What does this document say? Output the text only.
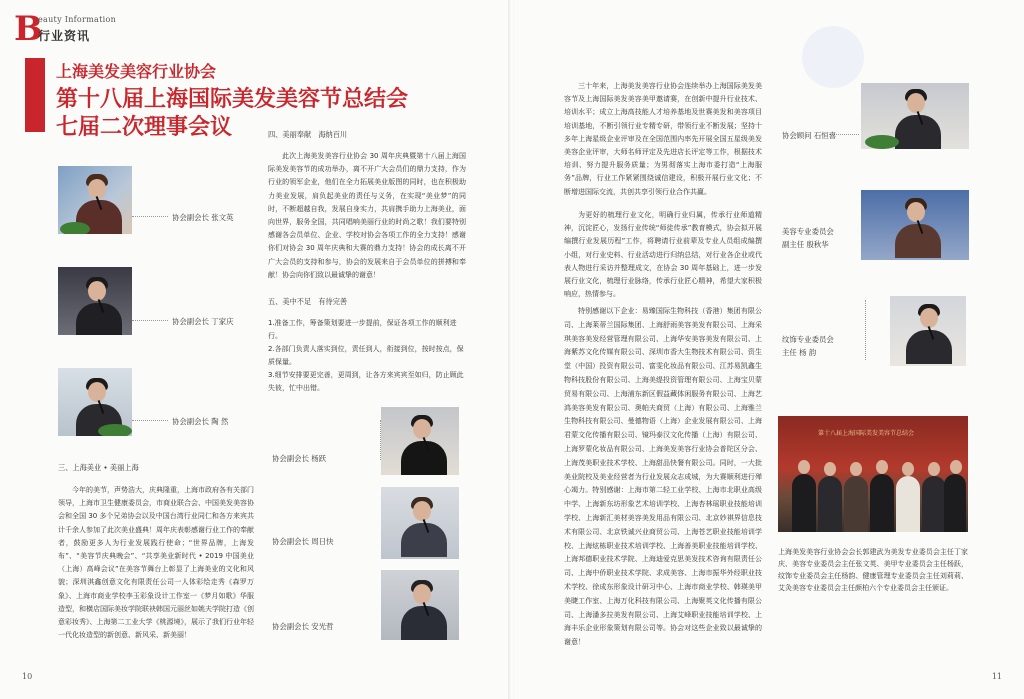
B
eauty Information
行业资讯
上海美发美容行业协会
第十八届上海国际美发美容节总结会
七届二次理事会议	四、美丽奉献　海纳百川

此次上海美发美容行业协会 30 周年庆典暨第十八届上海国际美发美容节的成功举办，离不开广大会员们的鼎力支持，作为行业的领军企业，他们在全力拓展美业版图的同时，也在积极助力美业发展，肩负起美业的责任与义务，在实现“美业梦”的同时，不断超越自我，发展自身实力，共肩携手助力上海美业，面向世界，服务全国，共同唱响美丽行业的时尚之歌！我们要特别感谢各会员单位、企业、学校对协会各项工作的全力支持！感谢你们对协会 30 周年庆典和大赛的鼎力支持！协会的成长离不开广大会员的支持和参与，协会的发展来自于会员单位的拼搏和奉献！协会向你们致以最诚挚的谢意！

五、美中不足　有待完善
1.准备工作，筹备策划要进一步提前，保证各项工作的顺利进行。
2.各部门负责人落实到位，责任到人，衔接到位，按时按点，保质保量。
3.细节安排要更完善，更周到，让各方来宾宾至如归，防止顾此失彼，忙中出错。
三、上海美业 • 美丽上海

今年的美节，声势浩大，庆典隆重，上海市政府各有关部门领导，上海市卫生健康委员会，市商业联合会、中国美发美容协会和全国 30 多个兄弟协会以及中国台湾行业同仁和各方来宾共计千余人参加了此次美业盛典！周年庆表彰感谢行业工作的奉献者，鼓励更多人为行业发展践行使命；“世界品牌，上海发布”、“美容节庆典晚会”、“共享美业新时代 • 2019 中国美业（上海）高峰会议”在美容节舞台上彰显了上海美业的文化和风貌；深圳淇鑫创意文化有限责任公司一人体彩绘走秀《森罗万象》、上海市商业学校李玉彩象设计工作室一《梦月如歌》华服造型，和横店国际美妆学院联袂韩国元丽丝如姚夫学院打造《创意彩妆秀》、上海第二工业大学《桃源境》，展示了我们行业年轻一代化妆造型的新创意、新风采、新美丽！

协会副会长 张文英
协会副会长 丁家庆
协会副会长 陶 然
协会副会长 杨跃
协会副会长 周日快
协会副会长 安光哲
10

三十年来，上海美发美容行业协会连续举办上海国际美发美容节及上海国际美发美容美甲邀请赛，在创新中提升行业技术、培训水平；成立上海高技能人才培养基地及世赛美发和美容项目培训基地，不断引领行业专精专研，带领行业不断发展；坚持十多年上海星级企业评审及在全国范围内率先开展全国五星级美发美容企业评审，大师名师评定及先进店长评定等工作，根据技术培训、努力提升服务质量；为男彻落实上海市委打造“上海服务”品牌，行业工作紧紧围绕诚信建设，积极开展行业文化；不断增进国际交流，共创共享引领行业合作共赢。

为更好的梳理行业文化，明确行业归属，传承行业师道精神，沉淀匠心，发扬行业传统“师徒传承”教育模式，协会拟开展编撰行业发展历程”工作，将聘请行业前辈及专业人员组成编撰小组，对行业史料、行业活动进行归纳总结，对行业各企业或代表人物进行采访并整理成文，在协会 30 周年基础上，进一步发展行业文化，梳理行业脉络，传承行业匠心精神，希望大家积极响应，热情参与。

特别感谢以下企业：易臻国际生物科技（香港）集团有限公司、上海莱蒂兰国际集团、上海舒雨美容美发有限公司、上海采琪美容美发经营管理有限公司、上海华安美容美发有限公司、上海紫苏文化传媒有限公司、深圳市香大生物技术有限公司、资生堂（中国）投资有限公司、富雯化妆品有限公司、江苏易凯鑫生物科技股份有限公司、上海美缇投资管理有限公司、上海宝贝蒙贸易有限公司、上海浦东新区假益藏体闲服务有限公司、上海艺鸿美容美发有限公司、奥帕夫商贸（上海）有限公司、上海雅兰生物科技有限公司、曼德物语（上海）企业发展有限公司、上海君蒙文化传播有限公司、镜玛泰汉文化传播（上海）有限公司、上海罗蒙化妆品有限公司、上海美发美容行业协会普陀区分会、上海茂美职业技术学校、上海甜品快餐有限公司。同时，一大批美业院校及美业经营者为行业发展众志成城，为大赛顺利进行殚心竭力。特别感谢：上海市第二轻工业学校、上海市北职业高级中学、上海新东坊形象艺术培训学校、上海杏林瑶职业技能培训学校、上海新汇美材美容美发用品有限公司、北京妙祺界信息技术有限公司、北京铁诚兴业商贸公司、上海苍艺职业技能培训学校、上海炫栋职业技术培训学校、上海善美职业技能培训学校、上海邦德职业技术学院、上海迪爱克思美发技术咨询有限责任公司、上海中侨职业技术学院、求成美容、上海市振华外经职业技术学校、徐成东形象设计研习中心、上海市商业学校、韩瑛美甲美睫工作室、上海万化科技有限公司、上海聚英文化传播有限公司、上海潘多拉美发有限公司、上海艾峰职业技能培训学校、上海丰乐企业形象策划有限公司等。协会对这些企业致以最诚挚的谢意！

协会顾问 石恒喜
美容专业委员会
副主任 殷秋华
纹饰专业委员会
主任 杨 韵
第十八届上海国际美发美容节总结会
上海美发美容行业协会会长郭建武为美发专业委员会主任丁家庆、美容专业委员会主任张文英、美甲专业委员会主任杨跃，纹饰专业委员会主任杨韵、健康管理专业委员会主任刘莉莉、艾灸美容专业委员会主任颜柏六个专业委员会主任颁证。
11
